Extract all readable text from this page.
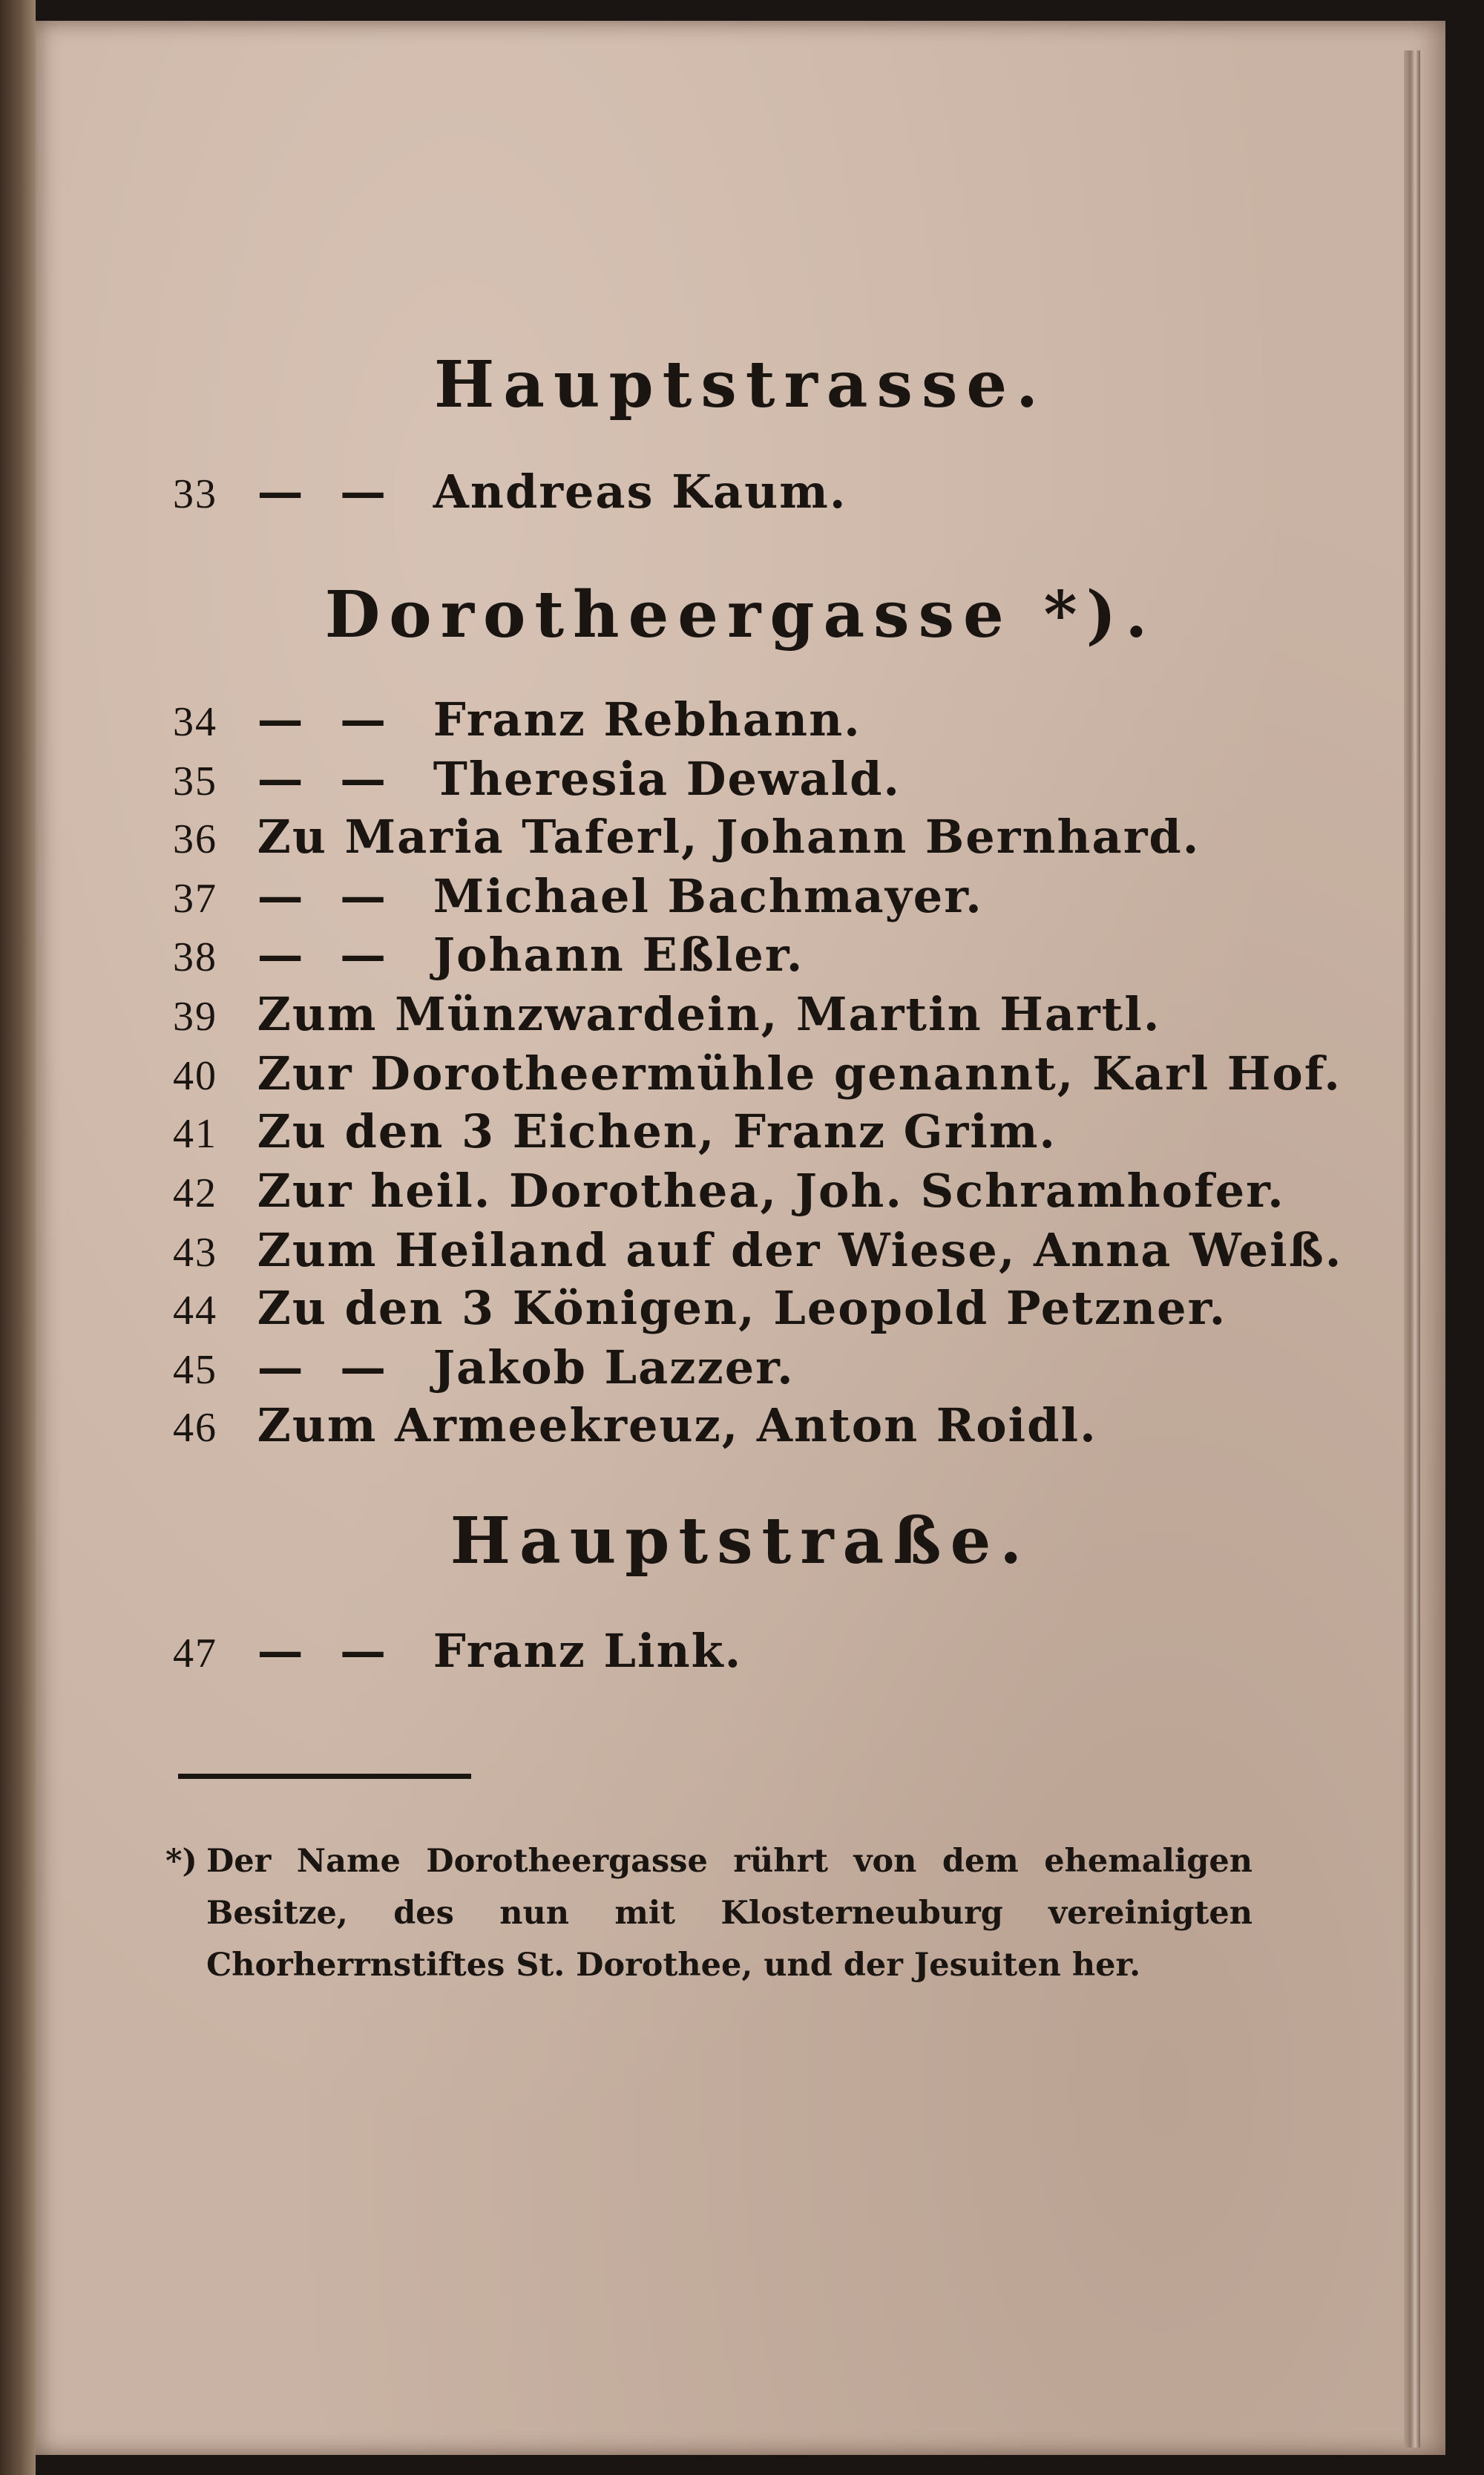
Hauptstrasse.
33 — — Andreas Kaum.
Dorotheergasse *).
34 — — Franz Rebhann.
35 — — Theresia Dewald.
36 Zu Maria Taferl, Johann Bernhard.
37 — — Michael Bachmayer.
38 — — Johann Eßler.
39 Zum Münzwardein, Martin Hartl.
40 Zur Dorotheermühle genannt, Karl Hof.
41 Zu den 3 Eichen, Franz Grim.
42 Zur heil. Dorothea, Joh. Schramhofer.
43 Zum Heiland auf der Wiese, Anna Weiß.
44 Zu den 3 Königen, Leopold Petzner.
45 — — Jakob Lazzer.
46 Zum Armeekreuz, Anton Roidl.
Hauptstraße.
47 — — Franz Link.
*) Der Name Dorotheergasse rührt von dem ehemaligen Besitze, des nun mit Klosterneuburg vereinigten Chorherrnstiftes St. Dorothee, und der Jesuiten her.
